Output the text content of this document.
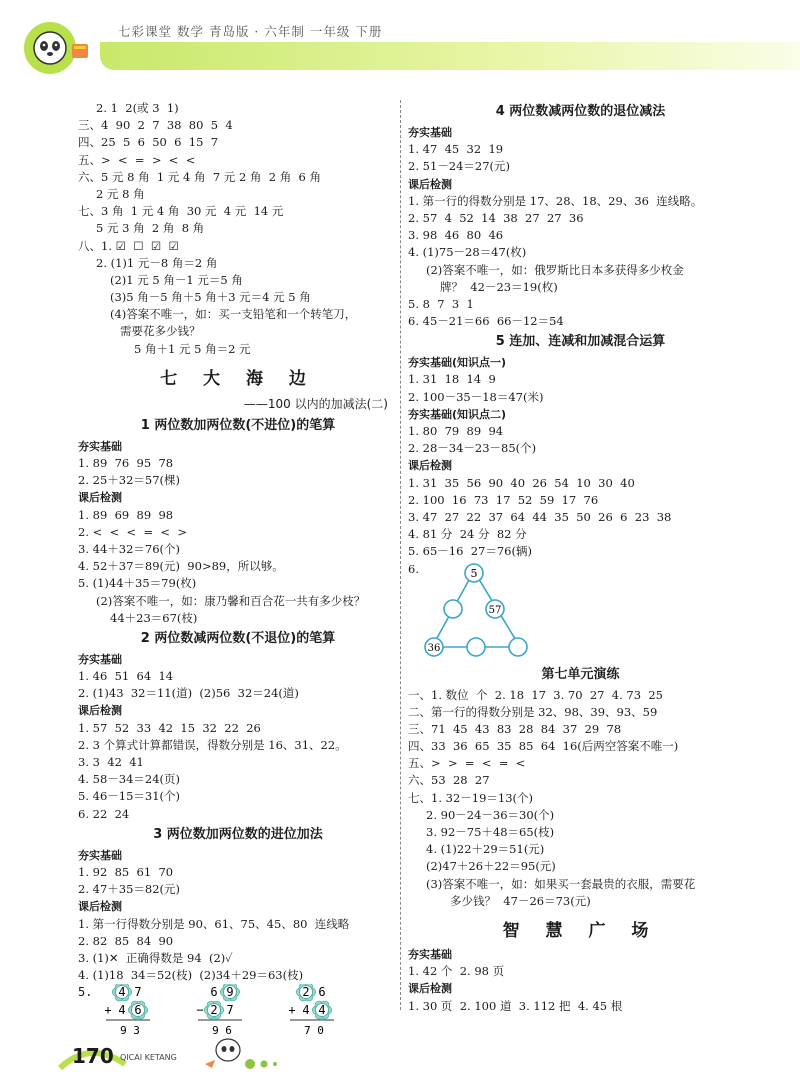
七彩课堂 数学 青岛版 · 六年制 一年级 下册
2. 1  2(或 3  1)
三、4  90  2  7  38  80  5  4
四、25  5  6  50  6  15  7
五、>  <  =  >  <  <
六、5 元 8 角  1 元 4 角  7 元 2 角  2 角  6 角
2 元 8 角
七、3 角  1 元 4 角  30 元  4 元  14 元
5 元 3 角  2 角  8 角
八、1. ☑  ☐  ☑  ☑
2. (1)1 元－8 角＝2 角
(2)1 元 5 角－1 元＝5 角
(3)5 角－5 角＋5 角＋3 元＝4 元 5 角
(4)答案不唯一，如：买一支铅笔和一个转笔刀，
需要花多少钱？
5 角＋1 元 5 角＝2 元
七 大 海 边
——100 以内的加减法(二)
1 两位数加两位数(不进位)的笔算
夯实基础
1. 89  76  95  78
2. 25＋32＝57(棵)
课后检测
1. 89  69  89  98
2. <  <  <  =  <  >
3. 44＋32＝76(个)
4. 52＋37＝89(元)  90>89，所以够。
5. (1)44＋35＝79(枚)
(2)答案不唯一，如：康乃馨和百合花一共有多少枝？
44＋23＝67(枝)
2 两位数减两位数(不退位)的笔算
夯实基础
1. 46  51  64  14
2. (1)43  32＝11(道)  (2)56  32＝24(道)
课后检测
1. 57  52  33  42  15  32  22  26
2. 3 个算式计算都错误，得数分别是 16、31、22。
3. 3  42  41
4. 58－34＝24(页)
5. 46－15＝31(个)
6. 22  24
3 两位数加两位数的进位加法
夯实基础
1. 92  85  61  70
2. 47＋35＝82(元)
课后检测
1. 第一行得数分别是 90、61、75、45、80  连线略
2. 82  85  84  90
3. (1)✕  正确得数是 94  (2)✓
4. (1)18  34＝52(枝)  (2)34＋29＝63(枝)
5. 4 7
+ 4 6
9 3
6 9
− 2 7
9 6
2 6
+ 4 4
7 0
4 两位数减两位数的退位减法
夯实基础
1. 47  45  32  19
2. 51－24＝27(元)
课后检测
1. 第一行的得数分别是 17、28、18、29、36  连线略。
2. 57  4  52  14  38  27  27  36
3. 98  46  80  46
4. (1)75－28＝47(枚)
(2)答案不唯一，如：俄罗斯比日本多获得多少枚金
牌？  42－23＝19(枚)
5. 8  7  3  1
6. 45－21＝66  66－12＝54
5 连加、连减和加减混合运算
夯实基础(知识点一)
1. 31  18  14  9
2. 100－35－18＝47(米)
夯实基础(知识点二)
1. 80  79  89  94
2. 28－34－23－85(个)
课后检测
1. 31  35  56  90  40  26  54  10  30  40
2. 100  16  73  17  52  59  17  76
3. 47  27  22  37  64  44  35  50  26  6  23  38
4. 81 分  24 分  82 分
5. 65－16  27＝76(辆)
6.	5
57
36
第七单元演练
一、1. 数位  个  2. 18  17  3. 70  27  4. 73  25
二、第一行的得数分别是 32、98、39、93、59
三、71  45  43  83  28  84  37  29  78
四、33  36  65  35  85  64  16(后两空答案不唯一)
五、>  >  =  <  =  <
六、53  28  27
七、1. 32－19＝13(个)
2. 90－24－36＝30(个)
3. 92－75＋48＝65(枝)
4. (1)22＋29＝51(元)
(2)47＋26＋22＝95(元)
(3)答案不唯一，如：如果买一套最贵的衣服，需要花
多少钱？  47－26＝73(元)
智 慧 广 场
夯实基础
1. 42 个  2. 98 页
课后检测
1. 30 页  2. 100 道  3. 112 把  4. 45 根
170 QICAI KETANG
